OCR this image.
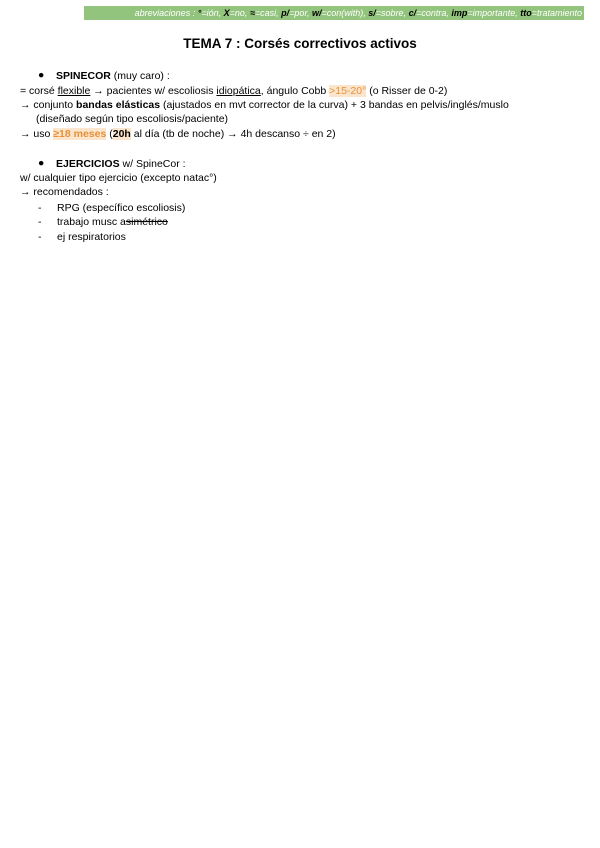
abreviaciones : °=ión, X=no, ≈=casi, p/=por, w/=con(with), s/=sobre, c/=contra, imp=importante, tto=tratamiento
TEMA 7 : Corsés correctivos activos
● SPINECOR (muy caro) :
= corsé flexible → pacientes w/ escoliosis idiopática, ángulo Cobb >15-20° (o Risser de 0-2)
→ conjunto bandas elásticas (ajustados en mvt corrector de la curva) + 3 bandas en pelvis/inglés/muslo
(diseñado según tipo escoliosis/paciente)
→ uso ≥18 meses (20h al día (tb de noche) → 4h descanso ÷ en 2)
● EJERCICIOS w/ SpineCor :
w/ cualquier tipo ejercicio (excepto natac°)
→ recomendados :
- RPG (específico escoliosis)
- trabajo musc asimétrico
- ej respiratorios
